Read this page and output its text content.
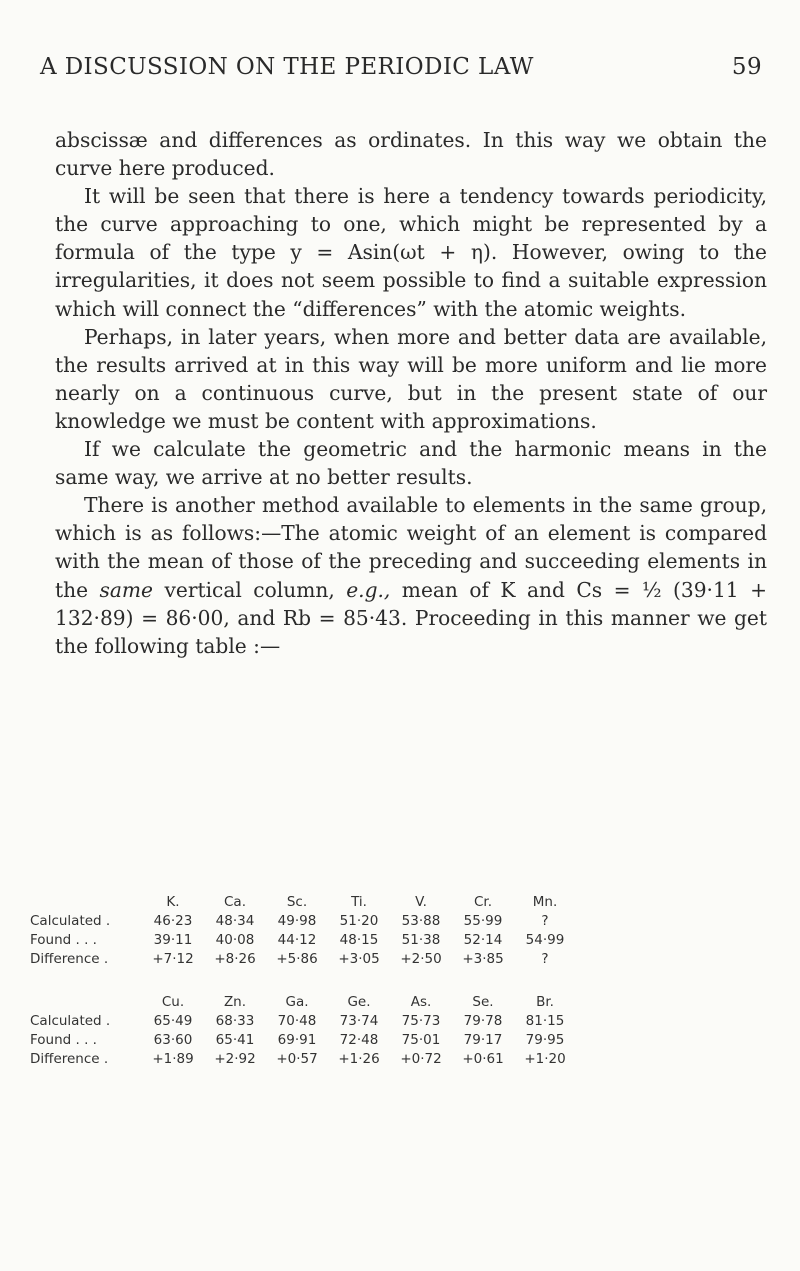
A DISCUSSION ON THE PERIODIC LAW	59

abscissæ and differences as ordinates. In this way we obtain the curve here produced.

It will be seen that there is here a tendency towards periodicity, the curve approaching to one, which might be represented by a formula of the type y = Asin(ωt + η). However, owing to the irregularities, it does not seem possible to find a suitable expression which will connect the “differences” with the atomic weights.

Perhaps, in later years, when more and better data are available, the results arrived at in this way will be more uniform and lie more nearly on a continuous curve, but in the present state of our knowledge we must be content with approximations.

If we calculate the geometric and the harmonic means in the same way, we arrive at no better results.

There is another method available to elements in the same group, which is as follows:—The atomic weight of an element is compared with the mean of those of the preceding and succeeding elements in the same vertical column, e.g., mean of K and Cs = ½ (39·11 + 132·89) = 86·00, and Rb = 85·43. Proceeding in this manner we get the following table :—

	K.	Ca.	Sc.	Ti.	V.	Cr.	Mn.
Calculated .	46·23	48·34	49·98	51·20	53·88	55·99	?
Found . . .	39·11	40·08	44·12	48·15	51·38	52·14	54·99
Difference .	+7·12	+8·26	+5·86	+3·05	+2·50	+3·85	?
	Cu.	Zn.	Ga.	Ge.	As.	Se.	Br.
Calculated .	65·49	68·33	70·48	73·74	75·73	79·78	81·15
Found . . .	63·60	65·41	69·91	72·48	75·01	79·17	79·95
Difference .	+1·89	+2·92	+0·57	+1·26	+0·72	+0·61	+1·20
